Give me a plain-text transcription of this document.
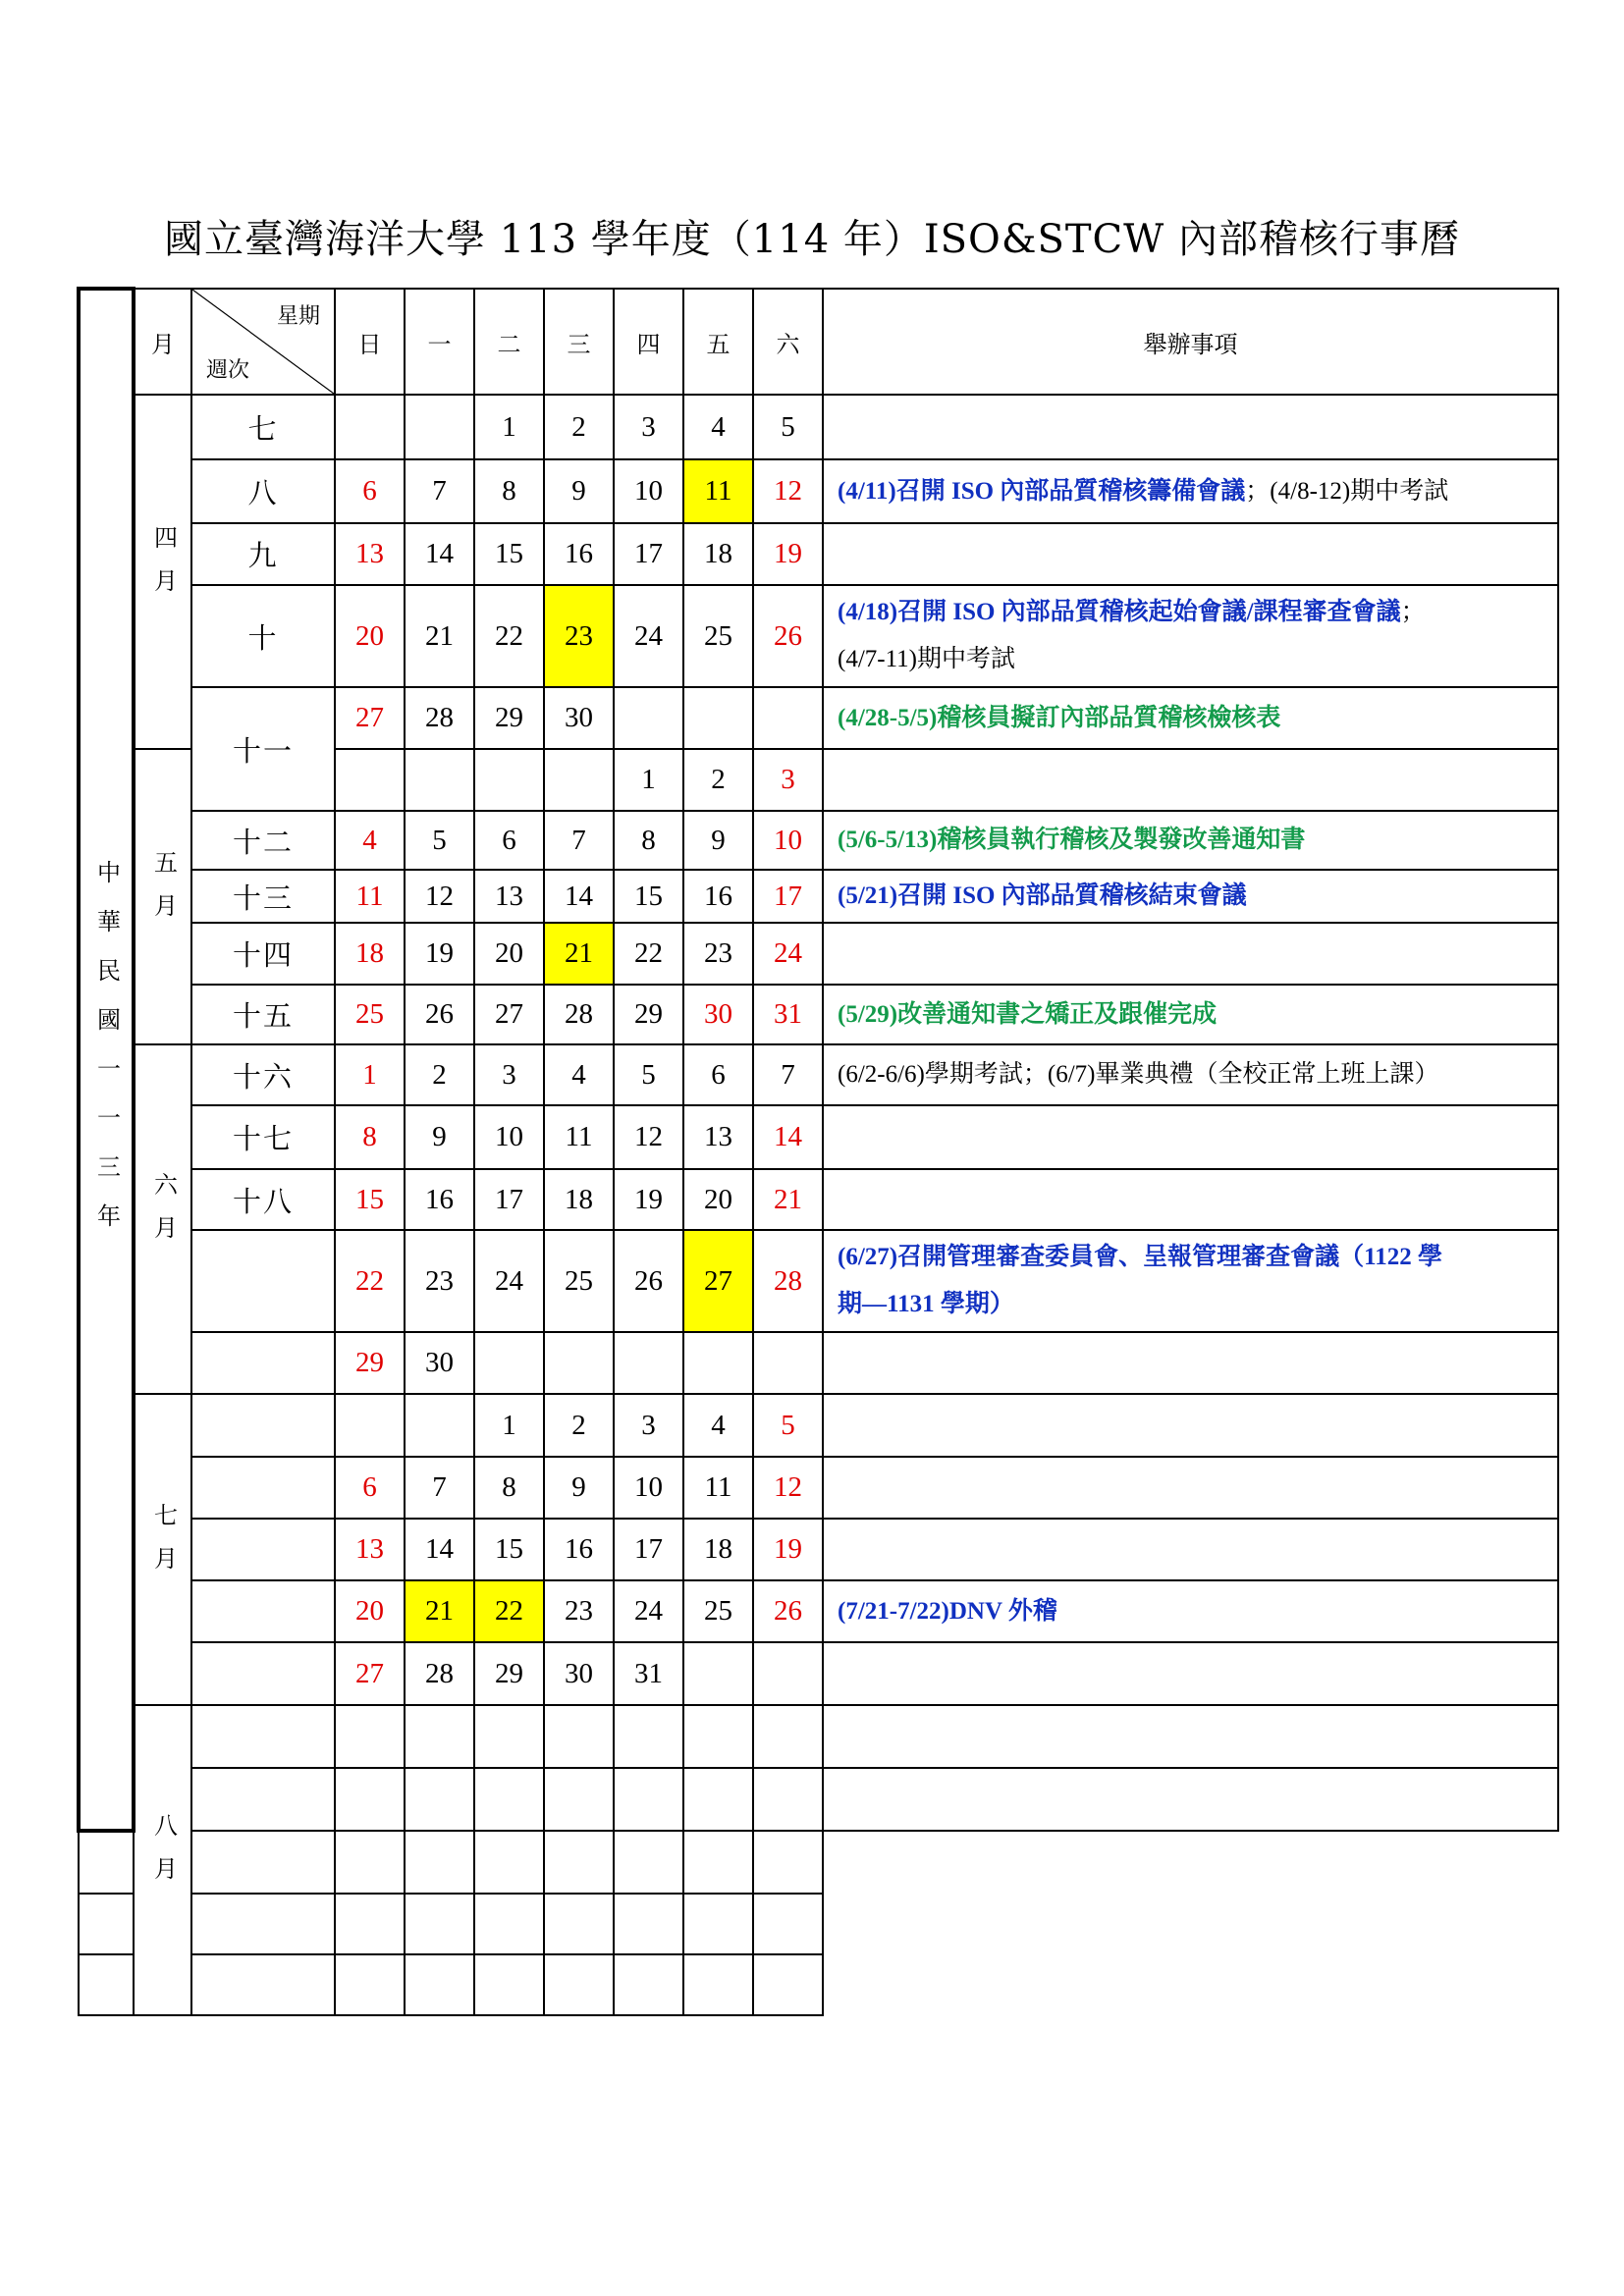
國立臺灣海洋大學 113 學年度（114 年）ISO&STCW 內部稽核行事曆
中華民國一一三年	月	星期
週次	日	一	二	三	四	五	六	舉辦事項
	四月	七			1	2	3	4	5	
		八	6	7	8	9	10	11	12	(4/11)召開 ISO 內部品質稽核籌備會議；(4/8-12)期中考試
		九	13	14	15	16	17	18	19	
		十	20	21	22	23	24	25	26	(4/18)召開 ISO 內部品質稽核起始會議/課程審查會議；
(4/7-11)期中考試
		十一	27	28	29	30				(4/28-5/5)稽核員擬訂內部品質稽核檢核表
	五月						1	2	3	
		十二	4	5	6	7	8	9	10	(5/6-5/13)稽核員執行稽核及製發改善通知書
		十三	11	12	13	14	15	16	17	(5/21)召開 ISO 內部品質稽核結束會議
		十四	18	19	20	21	22	23	24	
		十五	25	26	27	28	29	30	31	(5/29)改善通知書之矯正及跟催完成
	六月	十六	1	2	3	4	5	6	7	(6/2-6/6)學期考試；(6/7)畢業典禮（全校正常上班上課）
		十七	8	9	10	11	12	13	14	
		十八	15	16	17	18	19	20	21	
			22	23	24	25	26	27	28	(6/27)召開管理審查委員會、呈報管理審查會議（1122 學
期—1131 學期）
			29	30						
	七月				1	2	3	4	5	
			6	7	8	9	10	11	12	
			13	14	15	16	17	18	19	
			20	21	22	23	24	25	26	(7/21-7/22)DNV 外稽
			27	28	29	30	31			
	八月									
